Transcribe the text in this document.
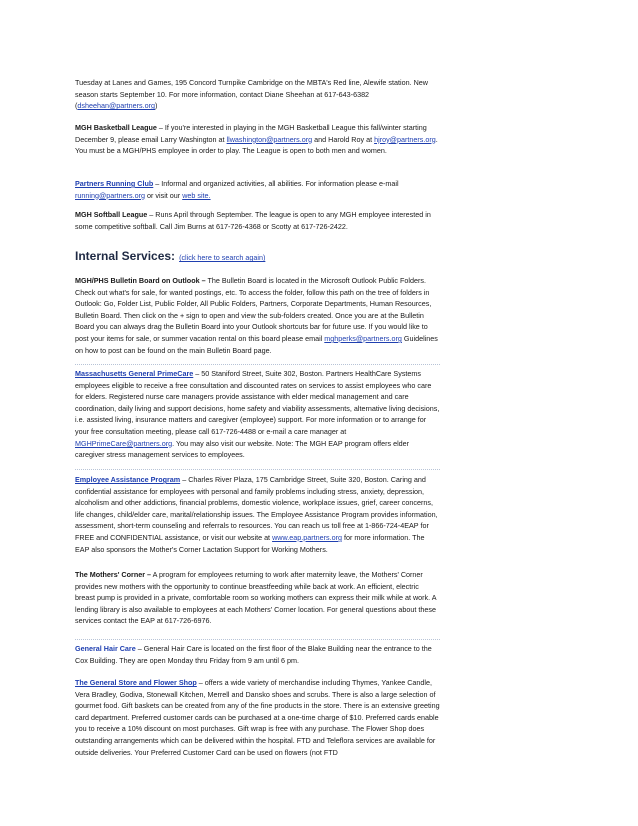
Tuesday at Lanes and Games, 195 Concord Turnpike Cambridge on the MBTA's Red line, Alewife station. New season starts September 10. For more information, contact Diane Sheehan at 617-643-6382 (dsheehan@partners.org)

MGH Basketball League – If you're interested in playing in the MGH Basketball League this fall/winter starting December 9, please email Larry Washington at llwashington@partners.org and Harold Roy at hjroy@partners.org. You must be a MGH/PHS employee in order to play. The League is open to both men and women.

Partners Running Club – Informal and organized activities, all abilities. For information please e-mail running@partners.org or visit our web site.

MGH Softball League – Runs April through September. The league is open to any MGH employee interested in some competitive softball. Call Jim Burns at 617-726-4368 or Scotty at 617-726-2422.

Internal Services: (click here to search again)

MGH/PHS Bulletin Board on Outlook – The Bulletin Board is located in the Microsoft Outlook Public Folders. Check out what's for sale, for wanted postings, etc. To access the folder, follow this path on the tree of folders in Outlook: Go, Folder List, Public Folder, All Public Folders, Partners, Corporate Departments, Human Resources, Bulletin Board. Then click on the + sign to open and view the sub-folders created. Once you are at the Bulletin Board you can always drag the Bulletin Board into your Outlook shortcuts bar for future use. If you would like to post your items for sale, or summer vacation rental on this board please email mghperks@partners.org Guidelines on how to post can be found on the main Bulletin Board page.

Massachusetts General PrimeCare – 50 Staniford Street, Suite 302, Boston. Partners HealthCare Systems employees eligible to receive a free consultation and discounted rates on services to assist employees who care for elders. Registered nurse care managers provide assistance with elder medical management and care coordination, daily living and support decisions, home safety and viability assessments, alternative living decisions, i.e. assisted living, insurance matters and caregiver (employee) support. For more information or to arrange for your free consultation meeting, please call 617-726-4488 or e-mail a care manager at MGHPrimeCare@partners.org. You may also visit our website. Note: The MGH EAP program offers elder caregiver stress management services to employees.

Employee Assistance Program – Charles River Plaza, 175 Cambridge Street, Suite 320, Boston. Caring and confidential assistance for employees with personal and family problems including stress, anxiety, depression, alcoholism and other addictions, financial problems, domestic violence, workplace issues, grief, career concerns, life changes, child/elder care, marital/relationship issues. The Employee Assistance Program provides information, assessment, short-term counseling and referrals to resources. You can reach us toll free at 1-866-724-4EAP for FREE and CONFIDENTIAL assistance, or visit our website at www.eap.partners.org for more information. The EAP also sponsors the Mother's Corner Lactation Support for Working Mothers.

The Mothers' Corner – A program for employees returning to work after maternity leave, the Mothers' Corner provides new mothers with the opportunity to continue breastfeeding while back at work. An efficient, electric breast pump is provided in a private, comfortable room so working mothers can express their milk while at work. A lending library is also available to employees at each Mothers' Corner location. For general questions about these services contact the EAP at 617-726-6976.

General Hair Care – General Hair Care is located on the first floor of the Blake Building near the entrance to the Cox Building. They are open Monday thru Friday from 9 am until 6 pm.

The General Store and Flower Shop – offers a wide variety of merchandise including Thymes, Yankee Candle, Vera Bradley, Godiva, Stonewall Kitchen, Merrell and Dansko shoes and scrubs. There is also a large selection of gourmet food. Gift baskets can be created from any of the fine products in the store. There is an extensive greeting card department. Preferred customer cards can be purchased at a one-time charge of $10. Preferred cards enable you to receive a 10% discount on most purchases. Gift wrap is free with any purchase. The Flower Shop does outstanding arrangements which can be delivered within the hospital. FTD and Teleflora services are available for outside deliveries. Your Preferred Customer Card can be used on flowers (not FTD
